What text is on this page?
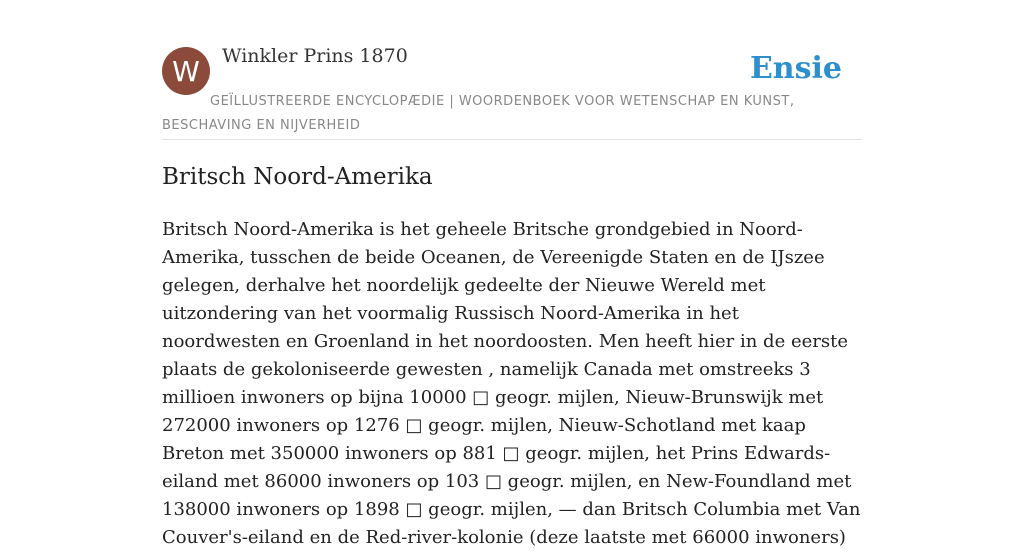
W	Winkler Prins 1870	Ensie
GEÏLLUSTREERDE ENCYCLOPÆDIE | WOORDENBOEK VOOR WETENSCHAP EN KUNST, BESCHAVING EN NIJVERHEID
Britsch Noord-Amerika

Britsch Noord-Amerika is het geheele Britsche grondgebied in Noord-Amerika, tusschen de beide Oceanen, de Vereenigde Staten en de IJszee gelegen, derhalve het noordelijk gedeelte der Nieuwe Wereld met uitzondering van het voormalig Russisch Noord-Amerika in het noordwesten en Groenland in het noordoosten. Men heeft hier in de eerste plaats de gekoloniseerde gewesten , namelijk Canada met omstreeks 3 millioen inwoners op bijna 10000 □ geogr. mijlen, Nieuw-Brunswijk met 272000 inwoners op 1276 □ geogr. mijlen, Nieuw-Schotland met kaap Breton met 350000 inwoners op 881 □ geogr. mijlen, het Prins Edwards-eiland met 86000 inwoners op 103 □ geogr. mijlen, en New-Foundland met 138000 inwoners op 1898 □ geogr. mijlen, — dan Britsch Columbia met Van Couver's-eiland en de Red-river-kolonie (deze laatste met 66000 inwoners)
